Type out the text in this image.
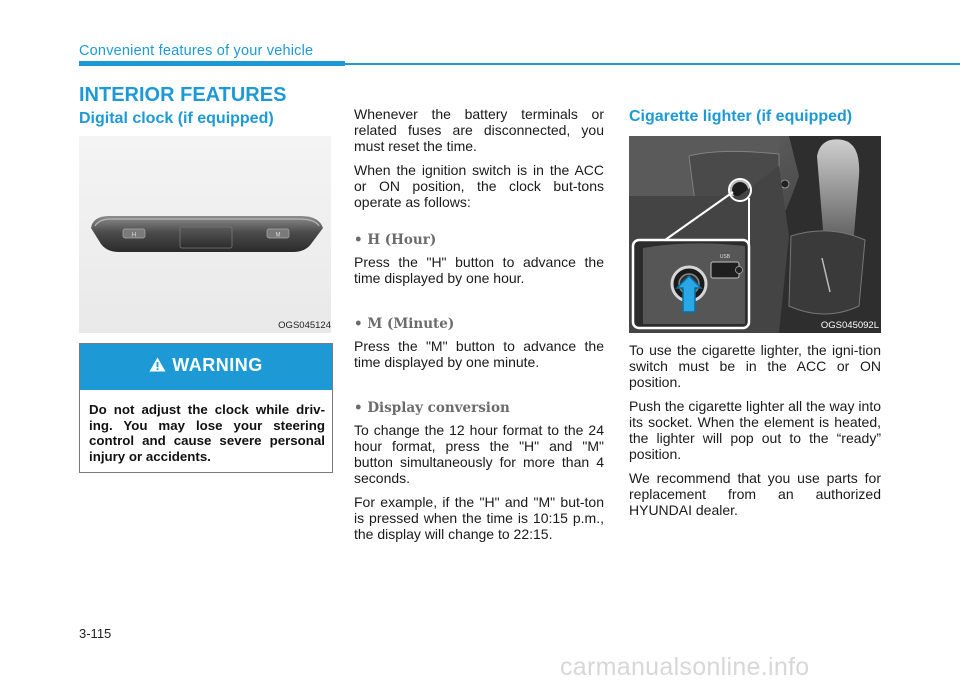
Convenient features of your vehicle
INTERIOR FEATURES
Digital clock (if equipped)
H	M
OGS045124
WARNING
Do not adjust the clock while driv-ing. You may lose your steering control and cause severe personal injury or accidents.

Whenever the battery terminals or related fuses are disconnected, you must reset the time.

When the ignition switch is in the ACC or ON position, the clock but-tons operate as follows:

• H (Hour)

Press the "H" button to advance the time displayed by one hour.

• M (Minute)

Press the "M" button to advance the time displayed by one minute.

• Display conversion

To change the 12 hour format to the 24 hour format, press the "H" and "M" button simultaneously for more than 4 seconds.

For example, if the "H" and "M" but-ton is pressed when the time is 10:15 p.m., the display will change to 22:15.

Cigarette lighter (if equipped)
USB
OGS045092L

To use the cigarette lighter, the igni-tion switch must be in the ACC or ON position.

Push the cigarette lighter all the way into its socket. When the element is heated, the lighter will pop out to the “ready” position.

We recommend that you use parts for replacement from an authorized HYUNDAI dealer.

3-115
carmanualsonline.info
